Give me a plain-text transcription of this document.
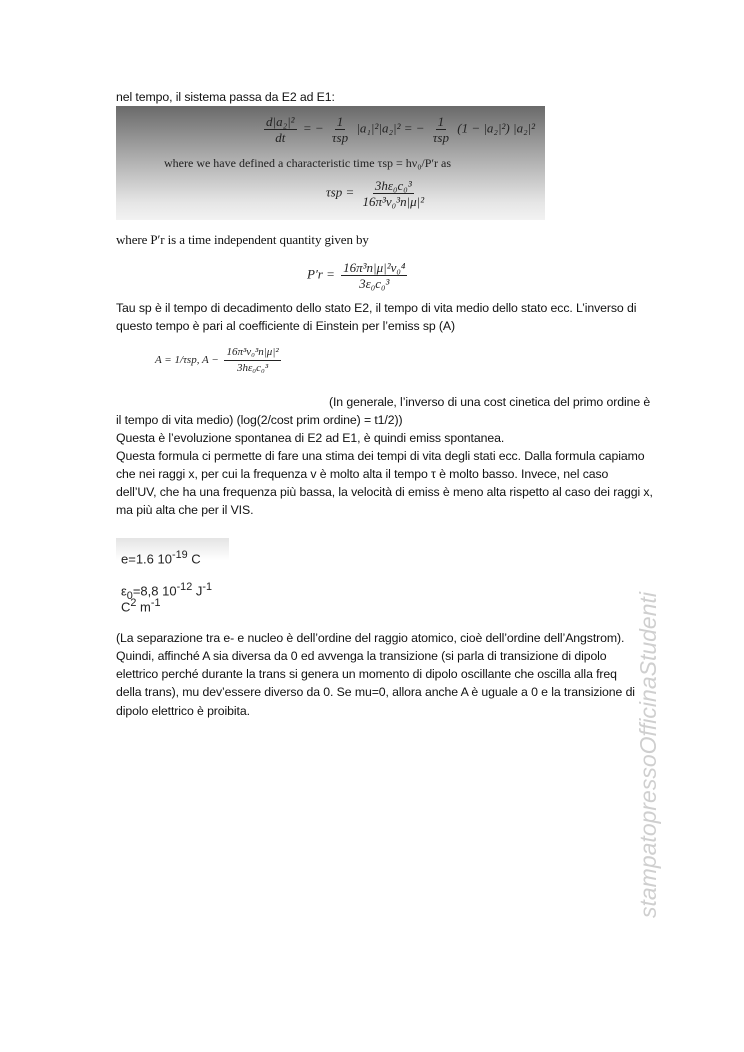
nel tempo, il sistema passa da E2 ad E1:
$\frac{\text{d|a₂|²}}{dt}$ = − $\frac{1}{\text{τsp}} |a_1|^2|a_2|^2$ = − $\frac{1}{\text{τsp}} (1 - |a_2|^2)$ |a₂|²
where we have defined a characteristic time τsp = hν₀/P′r as
$\tau sp = \frac{\text{3hε₀c₀³}}{\text{16π³ν₀³n|μ|²}}$
where P′r is a time independent quantity given by
$P'r = \frac{\text{16π³n|μ|²ν₀⁴}}{\text{3ε₀c₀³}}$
Tau sp è il tempo di decadimento dello stato E2, il tempo di vita medio dello stato ecc. L’inverso di
questo tempo è pari al coefficiente di Einstein per l’emiss sp (A)
A = 1/τsp, $A - \frac{\text{16π³ν₀³n|μ|²}}{\text{3hε₀c₀³}}$
(In generale, l’inverso di una cost cinetica del primo ordine è
il tempo di vita medio) (log(2/cost prim ordine) = t1/2))
Questa è l’evoluzione spontanea di E2 ad E1, è quindi emiss spontanea.
Questa formula ci permette di fare una stima dei tempi di vita degli stati ecc. Dalla formula capiamo
che nei raggi x, per cui la frequenza v è molto alta il tempo τ è molto basso. Invece, nel caso
dell’UV, che ha una frequenza più bassa, la velocità di emiss è meno alta rispetto al caso dei raggi x,
ma più alta che per il VIS.
e=1.6 $10^{-19}$ C
$\varepsilon_0=8,8$ $10^{-12}$ $J^{-1}$
$C^2$ $m^{-1}$
(La separazione tra e- e nucleo è dell’ordine del raggio atomico, cioè dell’ordine dell’Angstrom).
Quindi, affinché A sia diversa da 0 ed avvenga la transizione (si parla di transizione di dipolo
elettrico perché durante la trans si genera un momento di dipolo oscillante che oscilla alla freq
della trans), mu dev’essere diverso da 0. Se mu=0, allora anche A è uguale a 0 e la transizione di
dipolo elettrico è proibita.	stampatopressoOfficinaStudenti
